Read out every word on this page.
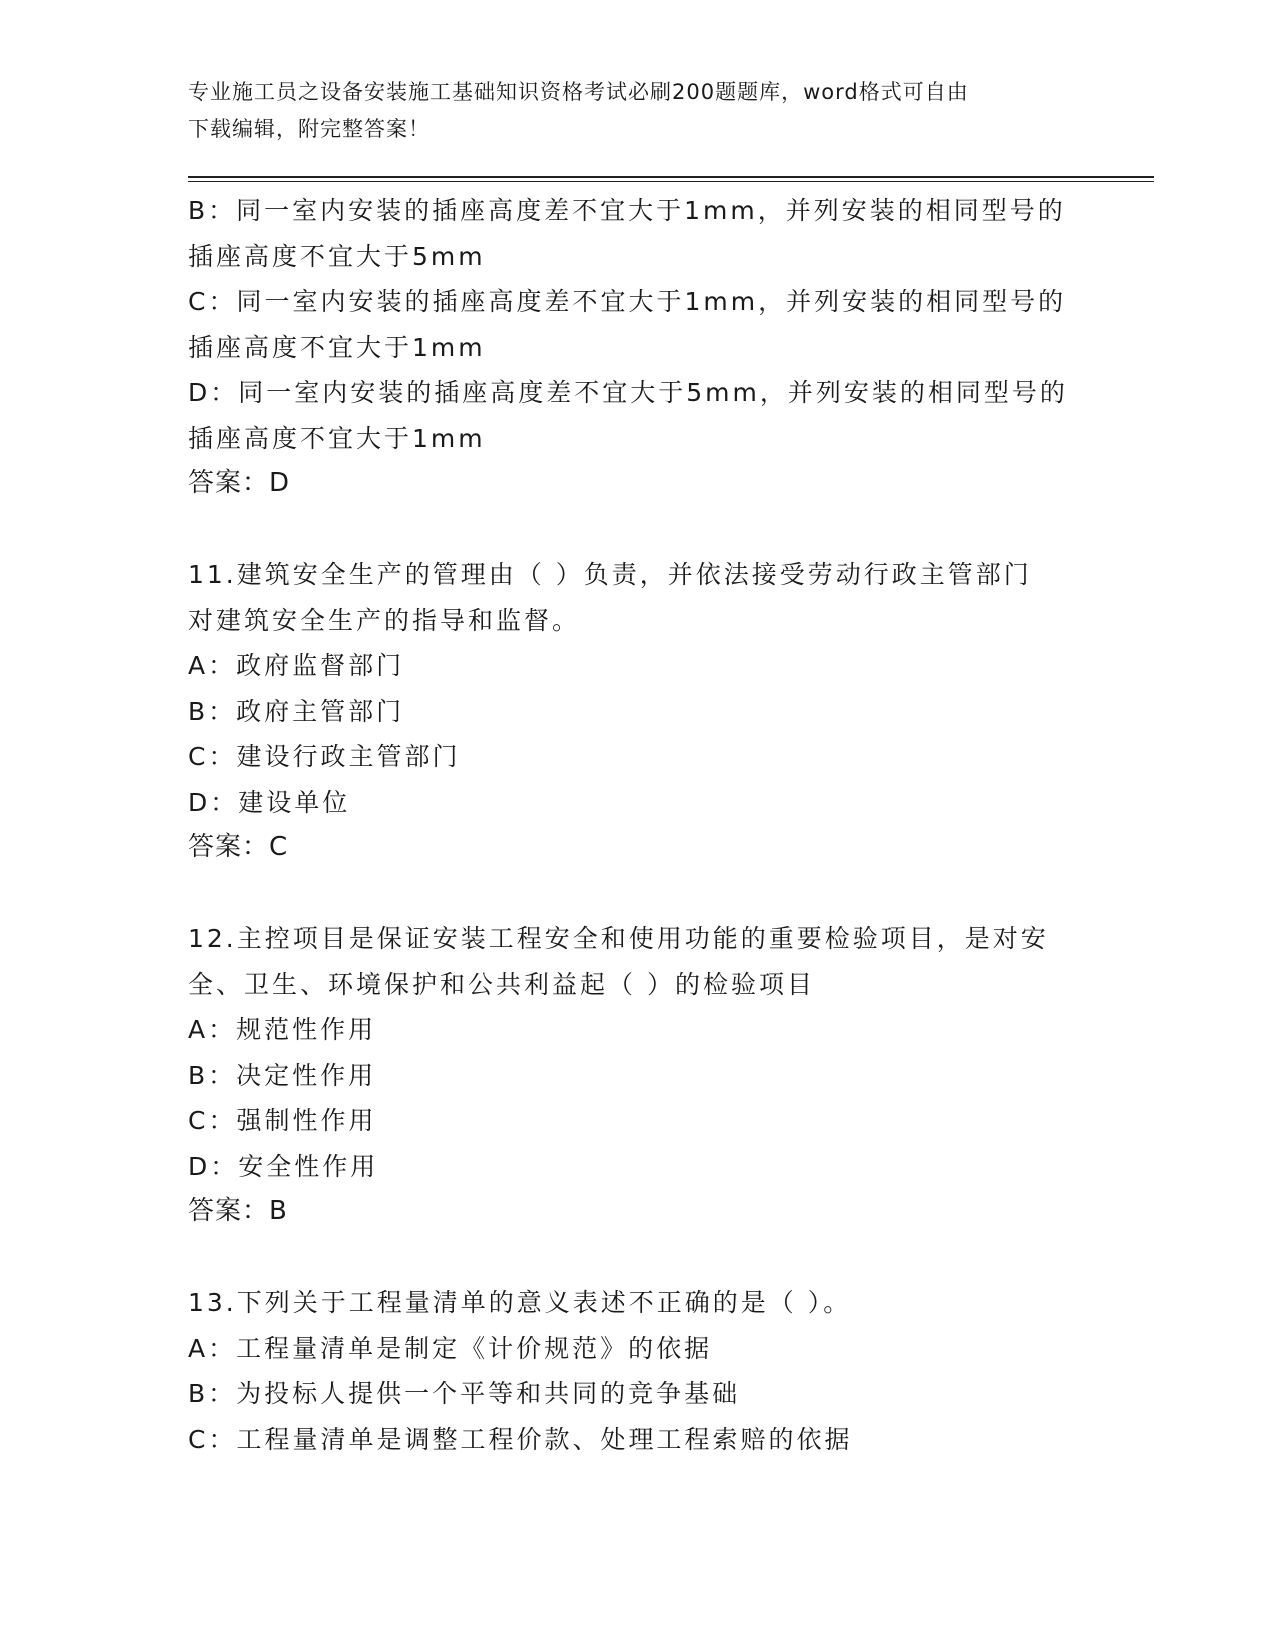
专业施工员之设备安装施工基础知识资格考试必刷200题题库，word格式可自由
下载编辑，附完整答案！
B：同一室内安装的插座高度差不宜大于1mm，并列安装的相同型号的
插座高度不宜大于5mm
C：同一室内安装的插座高度差不宜大于1mm，并列安装的相同型号的
插座高度不宜大于1mm
D：同一室内安装的插座高度差不宜大于5mm，并列安装的相同型号的
插座高度不宜大于1mm
答案：D
11.建筑安全生产的管理由（ ）负责，并依法接受劳动行政主管部门
对建筑安全生产的指导和监督。
A：政府监督部门
B：政府主管部门
C：建设行政主管部门
D：建设单位
答案：C
12.主控项目是保证安装工程安全和使用功能的重要检验项目，是对安
全、卫生、环境保护和公共利益起（ ）的检验项目
A：规范性作用
B：决定性作用
C：强制性作用
D：安全性作用
答案：B
13.下列关于工程量清单的意义表述不正确的是（ ）。
A：工程量清单是制定《计价规范》的依据
B：为投标人提供一个平等和共同的竞争基础
C：工程量清单是调整工程价款、处理工程索赔的依据
